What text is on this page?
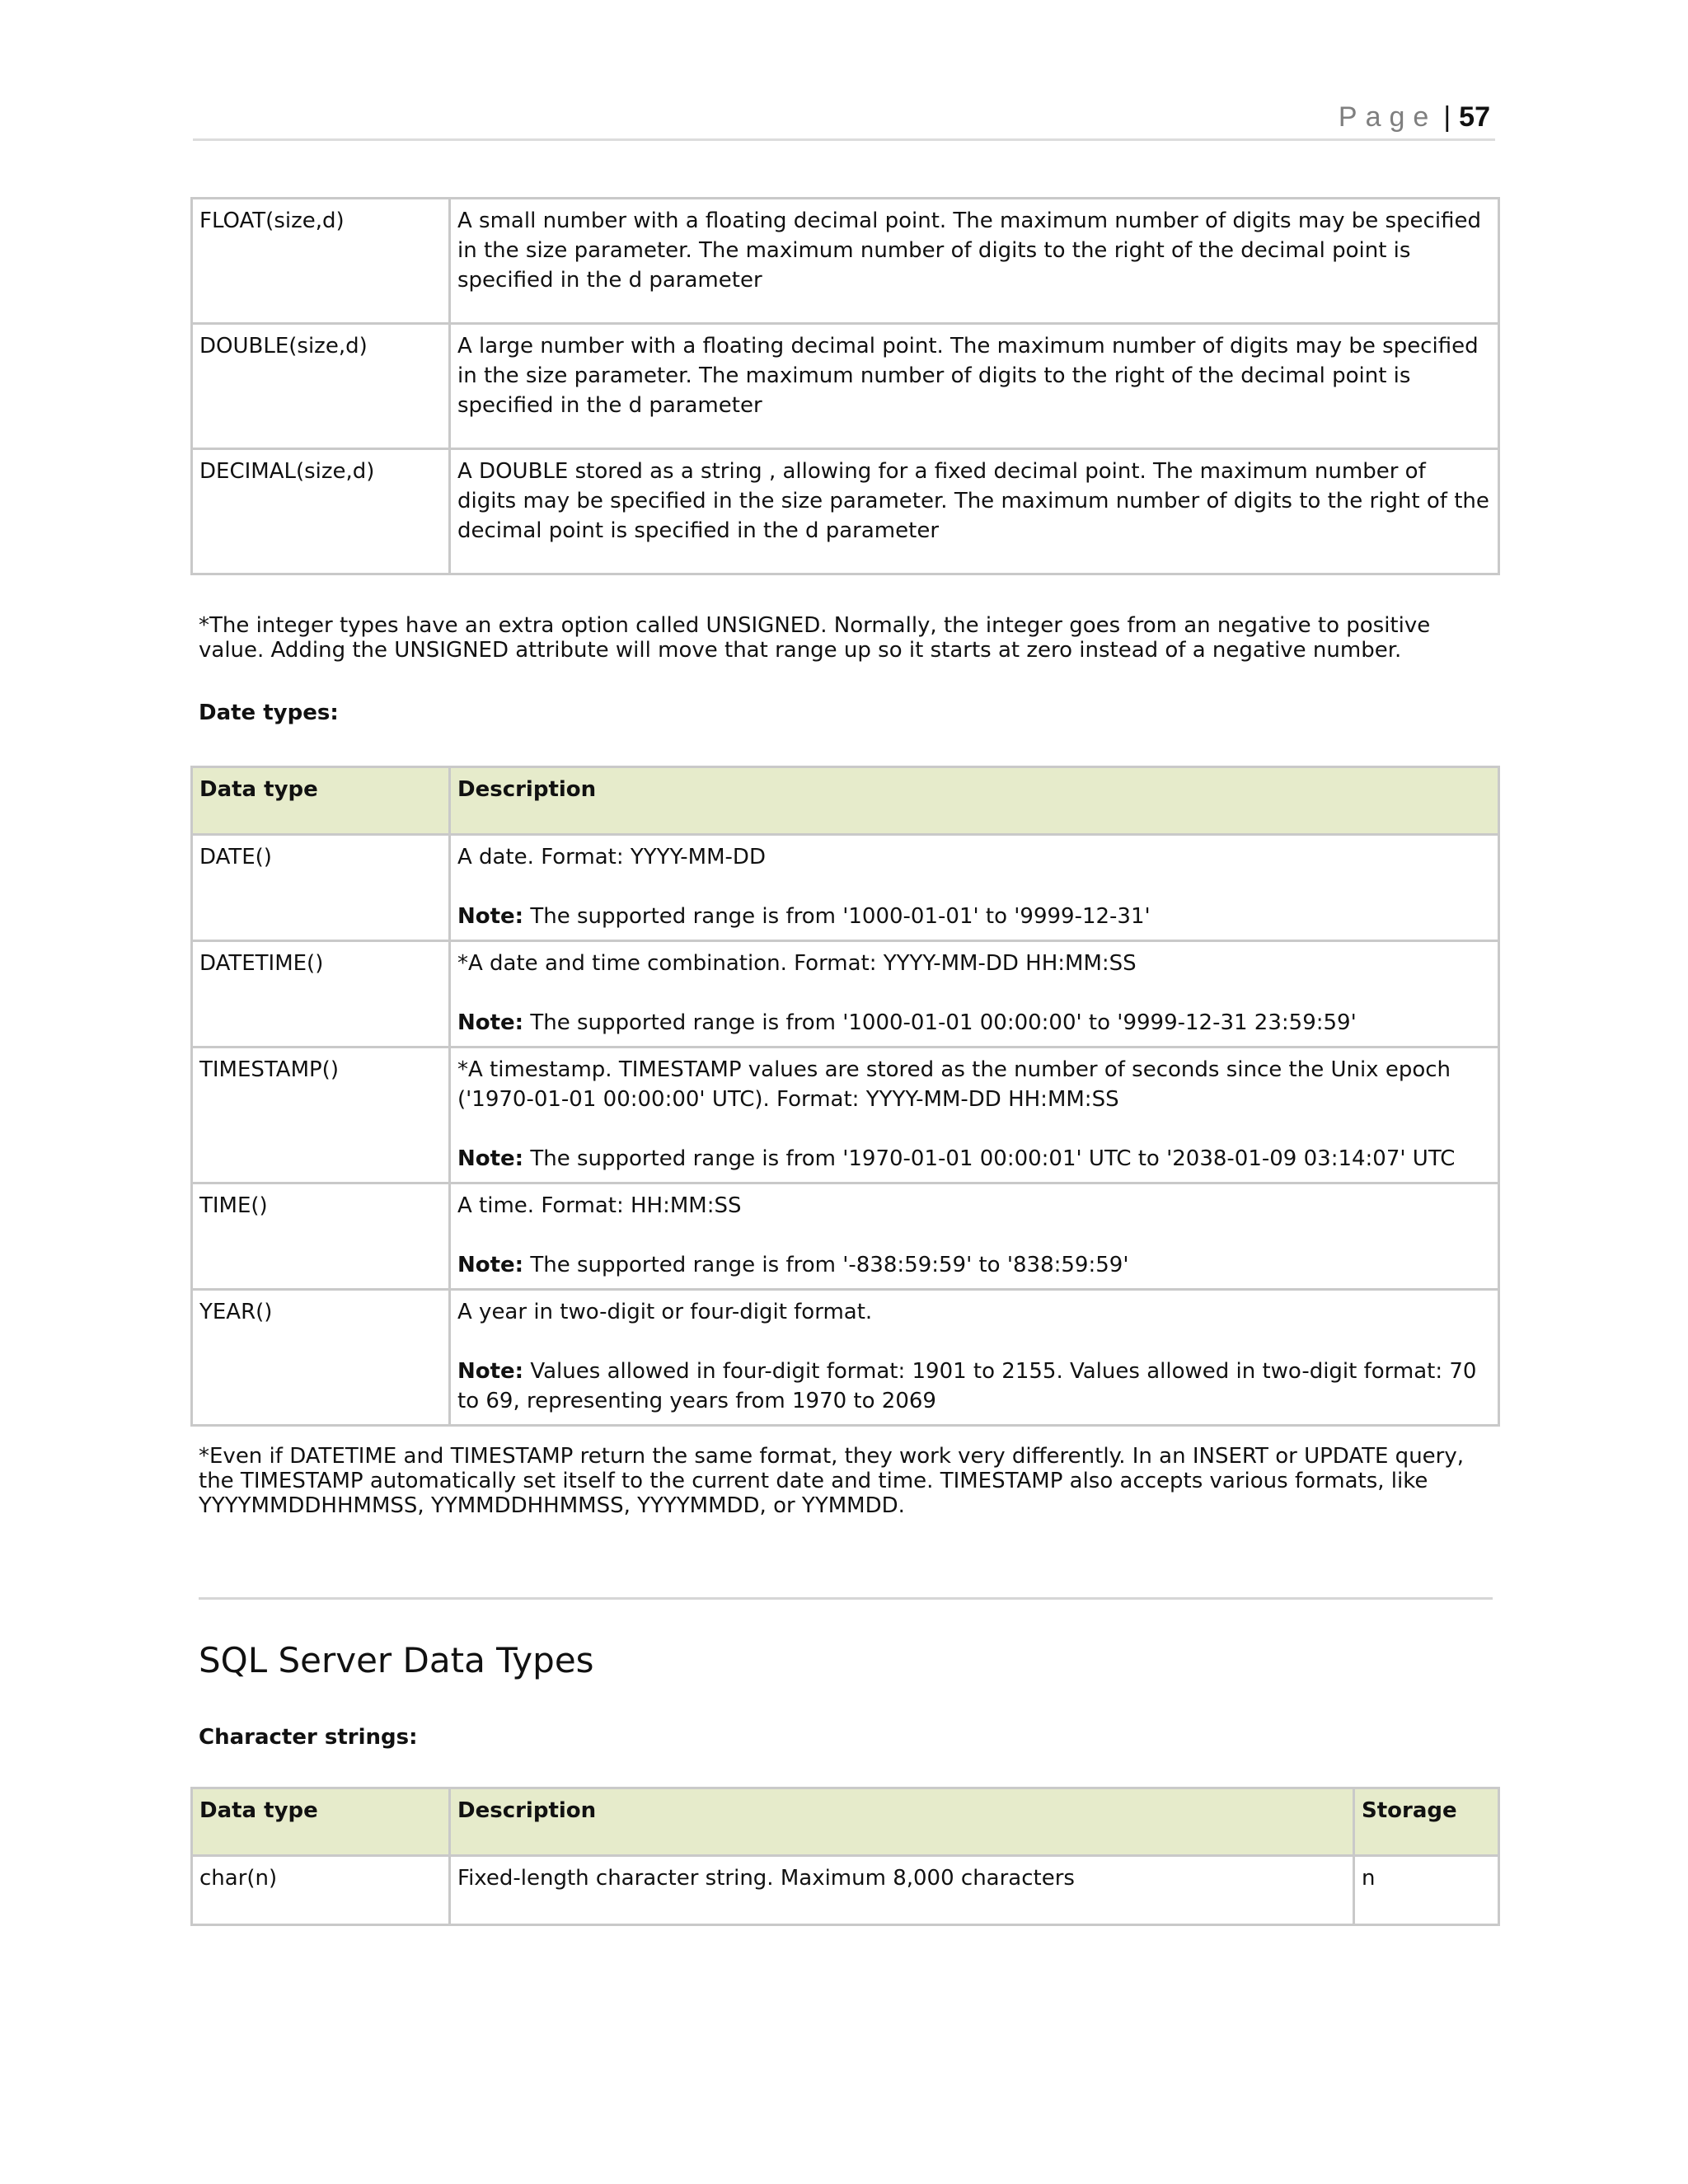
Page | 57
FLOAT(size,d)	A small number with a floating decimal point. The maximum number of digits may be specified in the size parameter. The maximum number of digits to the right of the decimal point is specified in the d parameter
DOUBLE(size,d)	A large number with a floating decimal point. The maximum number of digits may be specified in the size parameter. The maximum number of digits to the right of the decimal point is specified in the d parameter
DECIMAL(size,d)	A DOUBLE stored as a string , allowing for a fixed decimal point. The maximum number of digits may be specified in the size parameter. The maximum number of digits to the right of the decimal point is specified in the d parameter

*The integer types have an extra option called UNSIGNED. Normally, the integer goes from an negative to positive value. Adding the UNSIGNED attribute will move that range up so it starts at zero instead of a negative number.

Date types:

Data type	Description
DATE()	A date. Format: YYYY-MM-DD
Note: The supported range is from '1000-01-01' to '9999-12-31'
DATETIME()	*A date and time combination. Format: YYYY-MM-DD HH:MM:SS
Note: The supported range is from '1000-01-01 00:00:00' to '9999-12-31 23:59:59'
TIMESTAMP()	*A timestamp. TIMESTAMP values are stored as the number of seconds since the Unix epoch ('1970-01-01 00:00:00' UTC). Format: YYYY-MM-DD HH:MM:SS
Note: The supported range is from '1970-01-01 00:00:01' UTC to '2038-01-09 03:14:07' UTC
TIME()	A time. Format: HH:MM:SS
Note: The supported range is from '-838:59:59' to '838:59:59'
YEAR()	A year in two-digit or four-digit format.
Note: Values allowed in four-digit format: 1901 to 2155. Values allowed in two-digit format: 70 to 69, representing years from 1970 to 2069

*Even if DATETIME and TIMESTAMP return the same format, they work very differently. In an INSERT or UPDATE query, the TIMESTAMP automatically set itself to the current date and time. TIMESTAMP also accepts various formats, like YYYYMMDDHHMMSS, YYMMDDHHMMSS, YYYYMMDD, or YYMMDD.

SQL Server Data Types

Character strings:

Data type	Description	Storage
char(n)	Fixed-length character string. Maximum 8,000 characters	n
